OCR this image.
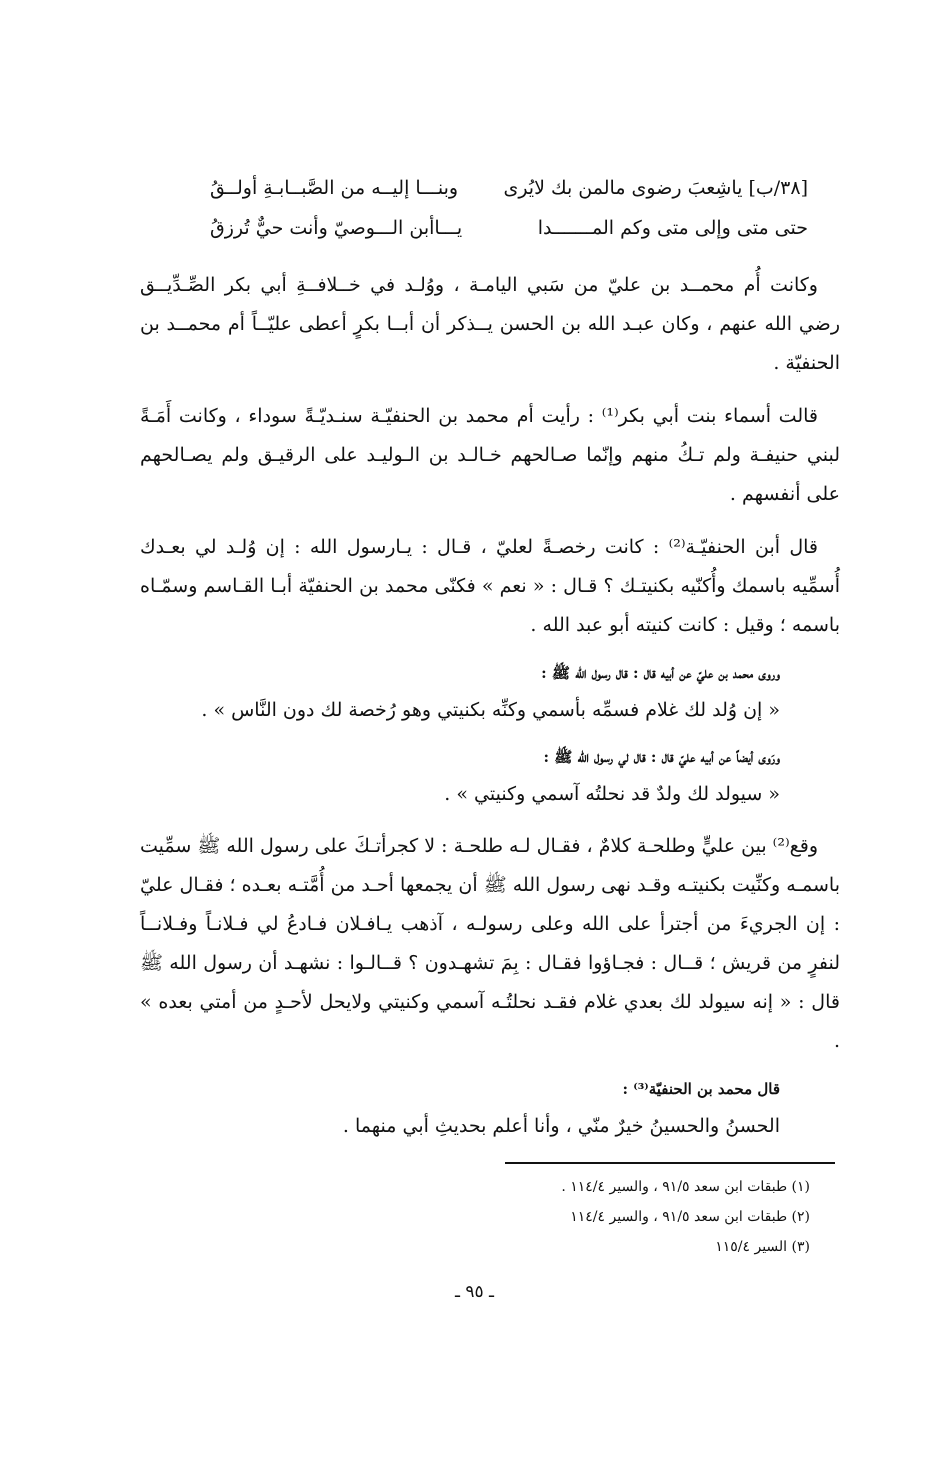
[٣٨/ب] ياشِعبَ رضوى مالمن بك لايُرى
وبنـــا إليــه من الصَّبــابـةِ أولــقُ
حتى متى وإلى متى وكم المـــــــدا
يـــاأبن الـــوصيّ وأنت حيٌّ تُرزقُ

وكانت أُم محمــد بن عليّ من سَبي اليامـة ، ووُلـد في خــلافــةِ أبي بكر الصِّـدِّيــق رضي الله عنهم ، وكان عبـد الله بن الحسن يــذكر أن أبــا بكرٍ أعطى عليّــاً أم محمــد بن الحنفيّة .

قالت أسماء بنت أبي بكر⁽¹⁾ : رأيت أم محمد بن الحنفيّـة سنـديّـةً سوداء ، وكانت أَمَـةً لبني حنيفـة ولم تـكُ منهم وإنّما صـالحهم خـالـد بن الـوليـد على الرقيـق ولم يصـالحهم على أنفسهم .

قال أبن الحنفيّـة⁽²⁾ : كانت رخصـةً لعليّ ، قـال : يـارسول الله : إن وُلـد لي بعـدك أُسمِّيه باسمك وأُكنّيه بكنيتـك ؟ قـال : « نعم » فكنّى محمد بن الحنفيّة أبـا القـاسم وسمّـاه باسمه ؛ وقيل : كانت كنيته أبو عبد الله .

وروى محمد بن عليّ عن أبيه قال : قال رسول الله ﷺ :
« إن وُلد لك غلام فسمِّه بأسمي وكنِّه بكنيتي وهو رُخصة لك دون النَّاس » .
ورَوى أيضاً عن أبيه عليّ قال : قال لي رسول الله ﷺ :
« سيولد لك ولدٌ قد نحلتُه آسمي وكنيتي » .

وقع⁽²⁾ بين عليٍّ وطلحـة كلامٌ ، فقـال لـه طلحـة : لا كجرأتـكَ على رسول الله ﷺ سمِّيت باسمـه وكنِّيت بكنيتـه وقـد نهى رسول الله ﷺ أن يجمعها أحـد من أُمَّتـه بعـده ؛ فقـال عليّ : إن الجريءَ من أجترأ على الله وعلى رسولـه ، آذهب يـافـلان فـادعُ لي فـلانـاً وفـلانــاً لنفرٍ من قريش ؛ قــال : فجـاؤوا فقـال : بِمَ تشهـدون ؟ قــالـوا : نشهـد أن رسول الله ﷺ قال : « إنه سيولد لك بعدي غلام فقـد نحلتُـه آسمي وكنيتي ولايحل لأحـدٍ من أمتي بعده » .

قال محمد بن الحنفيّة⁽³⁾ :
الحسنُ والحسينُ خيرٌ منّي ، وأنا أعلم بحديثِ أبي منهما .
(١) طبقات ابن سعد ٩١/٥ ، والسير ١١٤/٤ .
(٢) طبقات ابن سعد ٩١/٥ ، والسير ١١٤/٤
(٣) السير ١١٥/٤
ـ ٩٥ ـ
